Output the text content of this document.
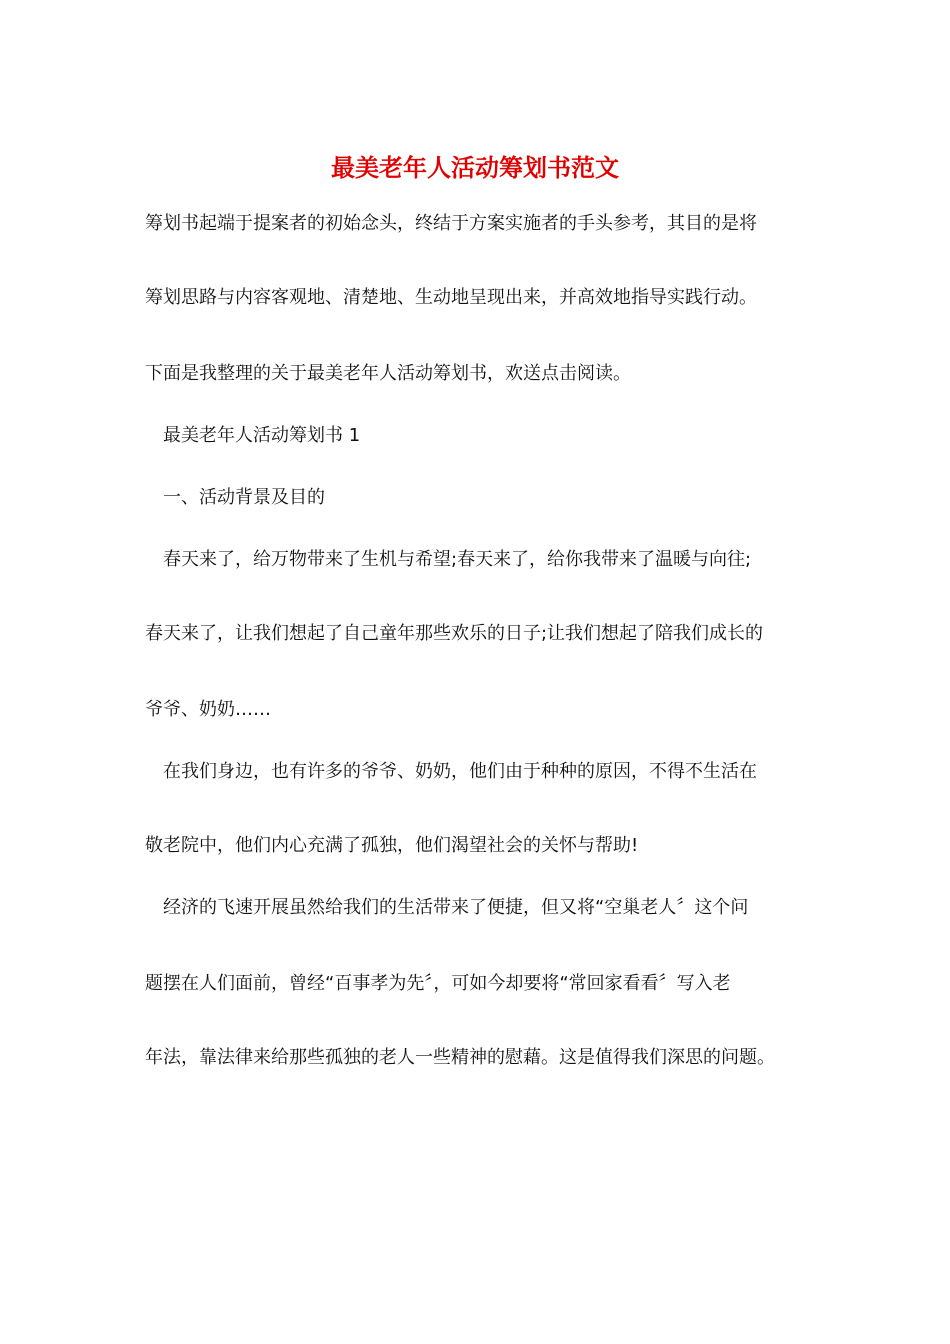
最美老年人活动筹划书范文

筹划书起端于提案者的初始念头，终结于方案实施者的手头参考，其目的是将

筹划思路与内容客观地、清楚地、生动地呈现出来，并高效地指导实践行动。

下面是我整理的关于最美老年人活动筹划书，欢送点击阅读。

最美老年人活动筹划书 1

一、活动背景及目的

春天来了，给万物带来了生机与希望;春天来了，给你我带来了温暖与向往;

春天来了，让我们想起了自己童年那些欢乐的日子;让我们想起了陪我们成长的

爷爷、奶奶……

在我们身边，也有许多的爷爷、奶奶，他们由于种种的原因，不得不生活在

敬老院中，他们内心充满了孤独，他们渴望社会的关怀与帮助!

经济的飞速开展虽然给我们的生活带来了便捷，但又将“空巢老人〞这个问

题摆在人们面前，曾经“百事孝为先〞，可如今却要将“常回家看看〞写入老

年法，靠法律来给那些孤独的老人一些精神的慰藉。这是值得我们深思的问题。
